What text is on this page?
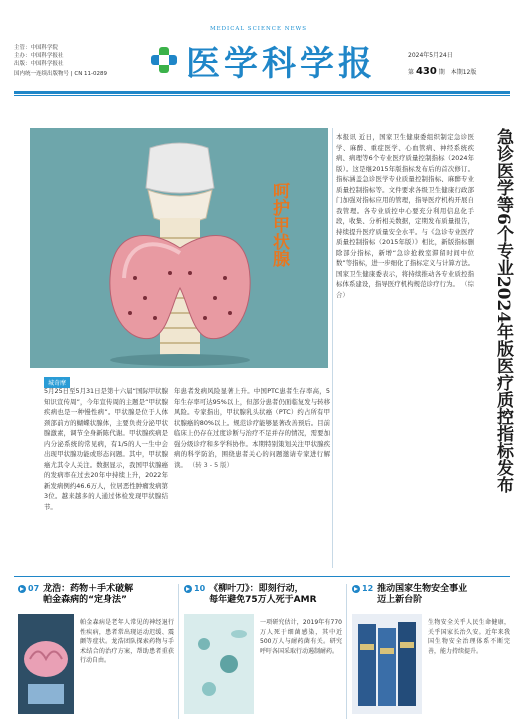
主管：中国科学院
主办：中国科学报社
出版：中国科学报社
国内统一连续出版物号 | CN 11-0289
MEDICAL SCIENCE NEWS
医学科学报	2024年5月24日
第 430 期　本期12版
呵护甲状腺
城奇摩
5月25日至5月31日是第十六届“国际甲状腺知识宣传周”，今年宣传周的主题是“甲状腺疾病也是一种慢性病”。甲状腺是位于人体颈部前方的蝴蝶状腺体，主要负责分泌甲状腺激素，调节全身新陈代谢。甲状腺疾病是内分泌系统的常见病，有1/5的人一生中会出现甲状腺功能或形态问题。其中，甲状腺癌尤其令人关注。数据显示，我国甲状腺癌的发病率在过去20年中持续上升，2022年新发病例约46.6万人，位居恶性肿瘤发病第3位。越来越多的人通过体检发现甲状腺结节。
年患者发病风险显著上升。中国PTC患者生存率高，5年生存率可达95%以上，但部分患者仍面临复发与转移风险。专家指出，甲状腺乳头状癌（PTC）约占所有甲状腺癌的80%以上。规范诊疗能够显著改善预后。目前临床上仍存在过度诊断与治疗不足并存的情况，需要加强分级诊疗和多学科协作。本期特别策划关注甲状腺疾病的科学防治，围绕患者关心的问题邀请专家进行解读。 （转 3 - 5 版）
本报讯 近日，国家卫生健康委组织制定急诊医学、麻醉、重症医学、心血管病、神经系统疾病、病理等6个专业医疗质量控制指标（2024年版）。这是继2015年版指标发布后的首次修订。指标涵盖急诊医学专业质量控制指标、麻醉专业质量控制指标等。文件要求各级卫生健康行政部门加强对指标应用的管理，指导医疗机构开展自我管理。各专业质控中心要充分利用信息化手段，收集、分析相关数据，定期发布质量报告，持续提升医疗质量安全水平。与《急诊专业医疗质量控制指标（2015年版）》相比，新版指标删除部分指标，新增“急诊抢救室滞留时间中位数”等指标，进一步细化了指标定义与计算方法。国家卫生健康委表示，将持续推动各专业质控指标体系建设，指导医疗机构规范诊疗行为。 （综合）	急诊医学等6个专业2024年版医疗质控指标发布
07 龙浩：药物＋手术破解
帕金森病的“定身法”
帕金森病是老年人常见的神经退行性疾病，患者常出现运动迟缓、震颤等症状。龙浩团队探索药物与手术结合的治疗方案，帮助患者重获行动自由。
10 《柳叶刀》：即刻行动，
每年避免75万人死于AMR
一项研究估计，2019年有770万人死于细菌感染，其中近500万人与耐药菌有关。研究呼吁各国采取行动遏制耐药。
12 推动国家生物安全事业
迈上新台阶
生物安全关乎人民生命健康，关乎国家长治久安。近年来我国生物安全治理体系不断完善，能力持续提升。
